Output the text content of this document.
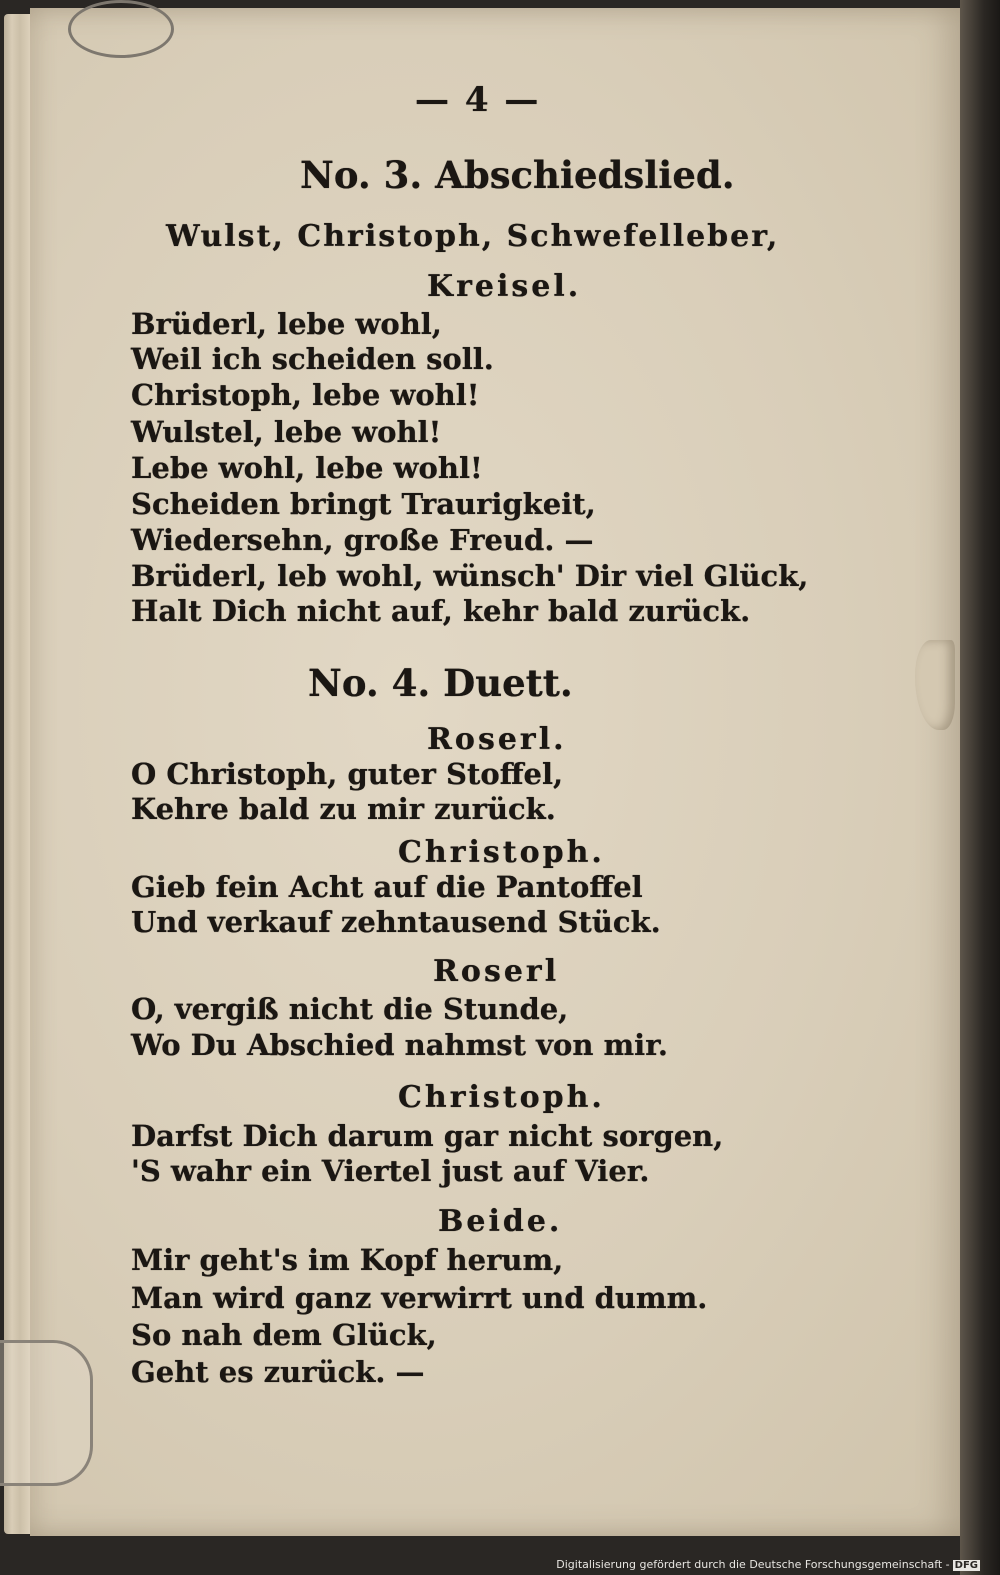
— 4 —
No. 3. Abschiedslied.
Wulst, Christoph, Schwefelleber,
Kreisel.
Brüderl, lebe wohl,
Weil ich scheiden soll.
Christoph, lebe wohl!
Wulstel, lebe wohl!
Lebe wohl, lebe wohl!
Scheiden bringt Traurigkeit,
Wiedersehn, große Freud. —
Brüderl, leb wohl, wünsch' Dir viel Glück,
Halt Dich nicht auf, kehr bald zurück.
No. 4. Duett.
Roserl.
O Christoph, guter Stoffel,
Kehre bald zu mir zurück.
Christoph.
Gieb fein Acht auf die Pantoffel
Und verkauf zehntausend Stück.
Roserl
O, vergiß nicht die Stunde,
Wo Du Abschied nahmst von mir.
Christoph.
Darfst Dich darum gar nicht sorgen,
'S wahr ein Viertel just auf Vier.
Beide.
Mir geht's im Kopf herum,
Man wird ganz verwirrt und dumm.
So nah dem Glück,
Geht es zurück. —
Digitalisierung gefördert durch die Deutsche Forschungsgemeinschaft - DFG
